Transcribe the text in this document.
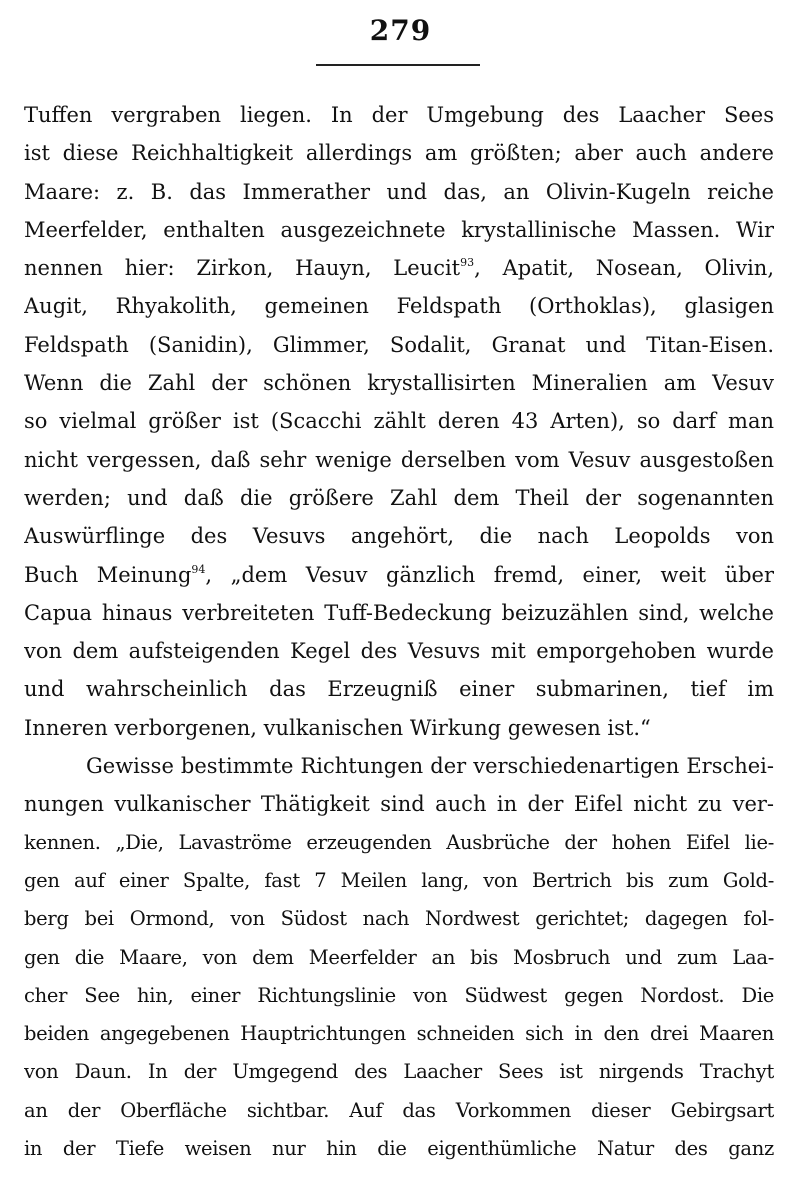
279
Tuffen vergraben liegen. In der Umgebung des Laacher Sees
ist diese Reichhaltigkeit allerdings am größten; aber auch andere
Maare: z. B. das Immerather und das, an Olivin-Kugeln reiche
Meerfelder, enthalten ausgezeichnete krystallinische Massen. Wir
nennen hier: Zirkon, Hauyn, Leucit$^{93}$, Apatit, Nosean, Olivin,
Augit, Rhyakolith, gemeinen Feldspath (Orthoklas), glasigen
Feldspath (Sanidin), Glimmer, Sodalit, Granat und Titan-Eisen.
Wenn die Zahl der schönen krystallisirten Mineralien am Vesuv
so vielmal größer ist (Scacchi zählt deren 43 Arten), so darf man
nicht vergessen, daß sehr wenige derselben vom Vesuv ausgestoßen
werden; und daß die größere Zahl dem Theil der sogenannten
Auswürflinge des Vesuvs angehört, die nach Leopolds von
Buch Meinung$^{94}$, „dem Vesuv gänzlich fremd, einer, weit über
Capua hinaus verbreiteten Tuff-Bedeckung beizuzählen sind, welche
von dem aufsteigenden Kegel des Vesuvs mit emporgehoben wurde
und wahrscheinlich das Erzeugniß einer submarinen, tief im
Inneren verborgenen, vulkanischen Wirkung gewesen ist.“
Gewisse bestimmte Richtungen der verschiedenartigen Erschei-
nungen vulkanischer Thätigkeit sind auch in der Eifel nicht zu ver-
kennen. „Die, Lavaströme erzeugenden Ausbrüche der hohen Eifel lie-
gen auf einer Spalte, fast 7 Meilen lang, von Bertrich bis zum Gold-
berg bei Ormond, von Südost nach Nordwest gerichtet; dagegen fol-
gen die Maare, von dem Meerfelder an bis Mosbruch und zum Laa-
cher See hin, einer Richtungslinie von Südwest gegen Nordost. Die
beiden angegebenen Hauptrichtungen schneiden sich in den drei Maaren
von Daun. In der Umgegend des Laacher Sees ist nirgends Trachyt
an der Oberfläche sichtbar. Auf das Vorkommen dieser Gebirgsart
in der Tiefe weisen nur hin die eigenthümliche Natur des ganz
